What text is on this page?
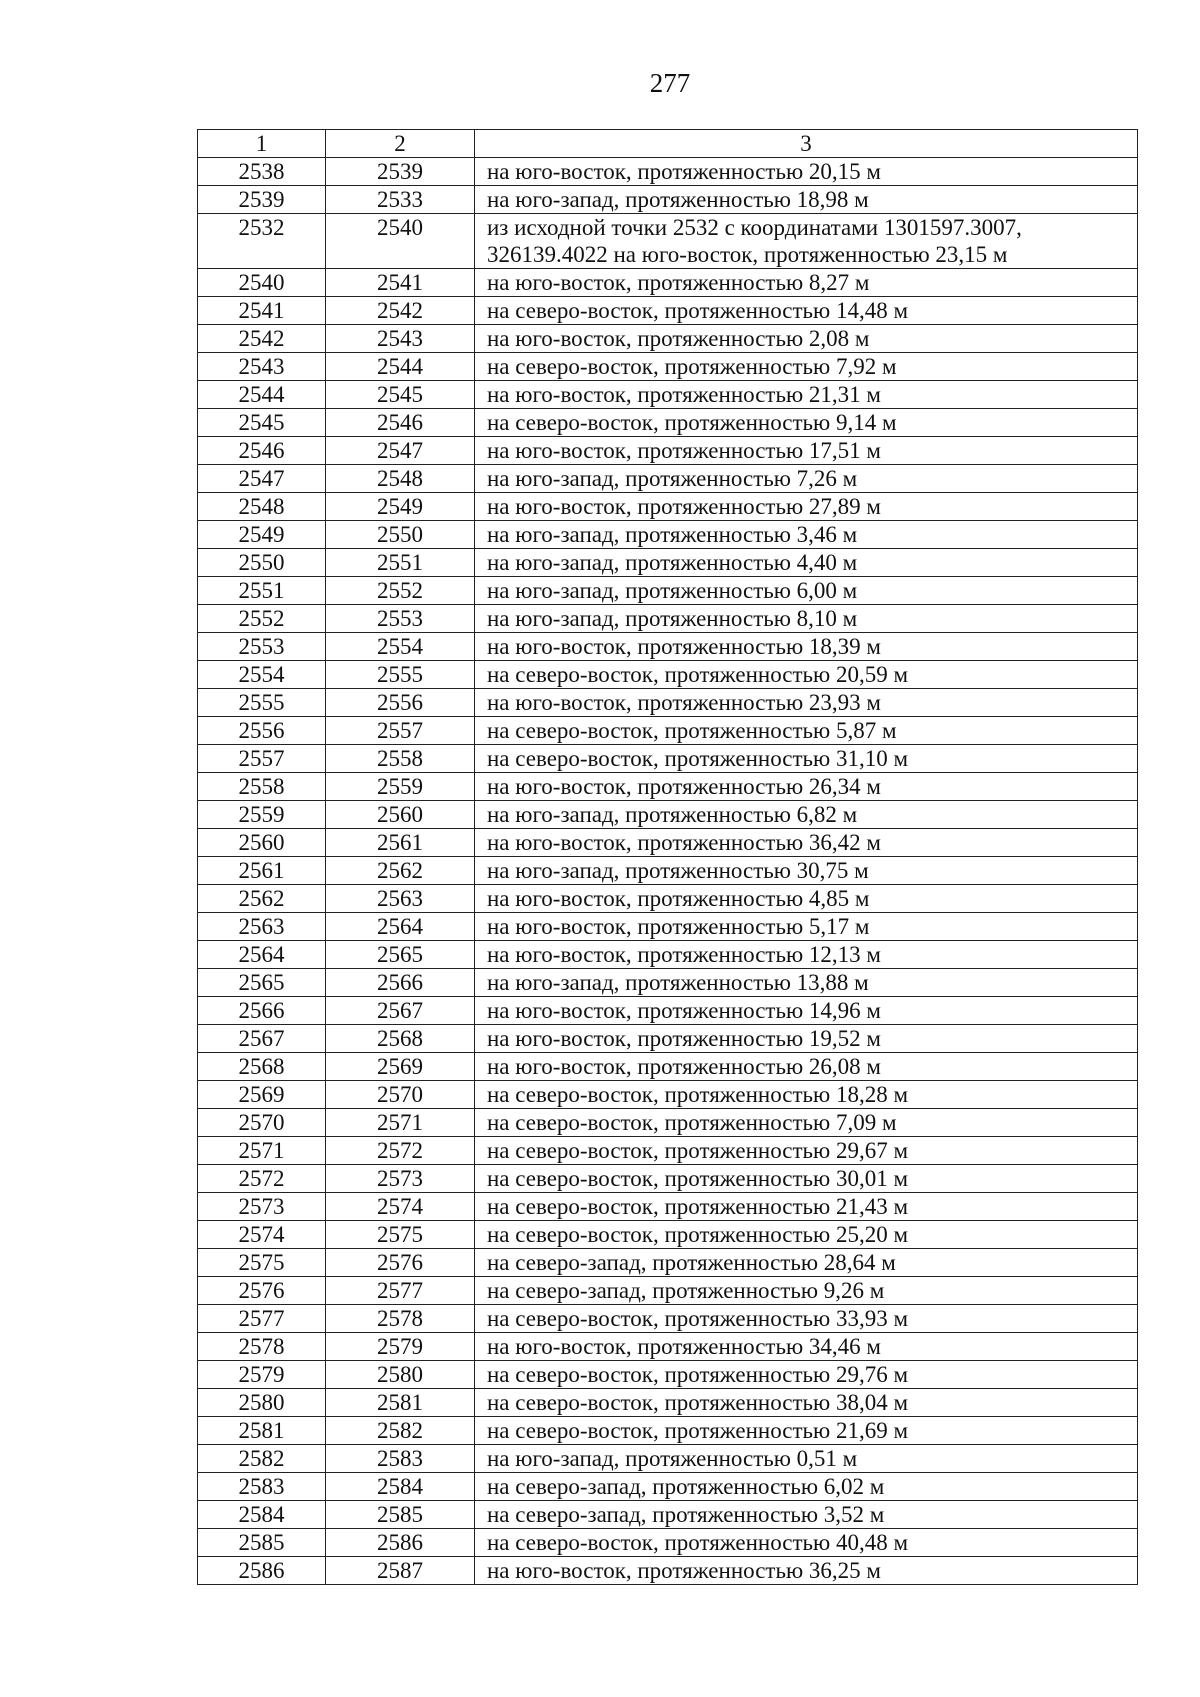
277
1	2	3
2538	2539	на юго-восток, протяженностью 20,15 м
2539	2533	на юго-запад, протяженностью 18,98 м
2532	2540	из исходной точки 2532 с координатами 1301597.3007,
326139.4022 на юго-восток, протяженностью 23,15 м
2540	2541	на юго-восток, протяженностью 8,27 м
2541	2542	на северо-восток, протяженностью 14,48 м
2542	2543	на юго-восток, протяженностью 2,08 м
2543	2544	на северо-восток, протяженностью 7,92 м
2544	2545	на юго-восток, протяженностью 21,31 м
2545	2546	на северо-восток, протяженностью 9,14 м
2546	2547	на юго-восток, протяженностью 17,51 м
2547	2548	на юго-запад, протяженностью 7,26 м
2548	2549	на юго-восток, протяженностью 27,89 м
2549	2550	на юго-запад, протяженностью 3,46 м
2550	2551	на юго-запад, протяженностью 4,40 м
2551	2552	на юго-запад, протяженностью 6,00 м
2552	2553	на юго-запад, протяженностью 8,10 м
2553	2554	на юго-восток, протяженностью 18,39 м
2554	2555	на северо-восток, протяженностью 20,59 м
2555	2556	на юго-восток, протяженностью 23,93 м
2556	2557	на северо-восток, протяженностью 5,87 м
2557	2558	на северо-восток, протяженностью 31,10 м
2558	2559	на юго-восток, протяженностью 26,34 м
2559	2560	на юго-запад, протяженностью 6,82 м
2560	2561	на юго-восток, протяженностью 36,42 м
2561	2562	на юго-запад, протяженностью 30,75 м
2562	2563	на юго-восток, протяженностью 4,85 м
2563	2564	на юго-восток, протяженностью 5,17 м
2564	2565	на юго-восток, протяженностью 12,13 м
2565	2566	на юго-запад, протяженностью 13,88 м
2566	2567	на юго-восток, протяженностью 14,96 м
2567	2568	на юго-восток, протяженностью 19,52 м
2568	2569	на юго-восток, протяженностью 26,08 м
2569	2570	на северо-восток, протяженностью 18,28 м
2570	2571	на северо-восток, протяженностью 7,09 м
2571	2572	на северо-восток, протяженностью 29,67 м
2572	2573	на северо-восток, протяженностью 30,01 м
2573	2574	на северо-восток, протяженностью 21,43 м
2574	2575	на северо-восток, протяженностью 25,20 м
2575	2576	на северо-запад, протяженностью 28,64 м
2576	2577	на северо-запад, протяженностью 9,26 м
2577	2578	на северо-восток, протяженностью 33,93 м
2578	2579	на юго-восток, протяженностью 34,46 м
2579	2580	на северо-восток, протяженностью 29,76 м
2580	2581	на северо-восток, протяженностью 38,04 м
2581	2582	на северо-восток, протяженностью 21,69 м
2582	2583	на юго-запад, протяженностью 0,51 м
2583	2584	на северо-запад, протяженностью 6,02 м
2584	2585	на северо-запад, протяженностью 3,52 м
2585	2586	на северо-восток, протяженностью 40,48 м
2586	2587	на юго-восток, протяженностью 36,25 м
